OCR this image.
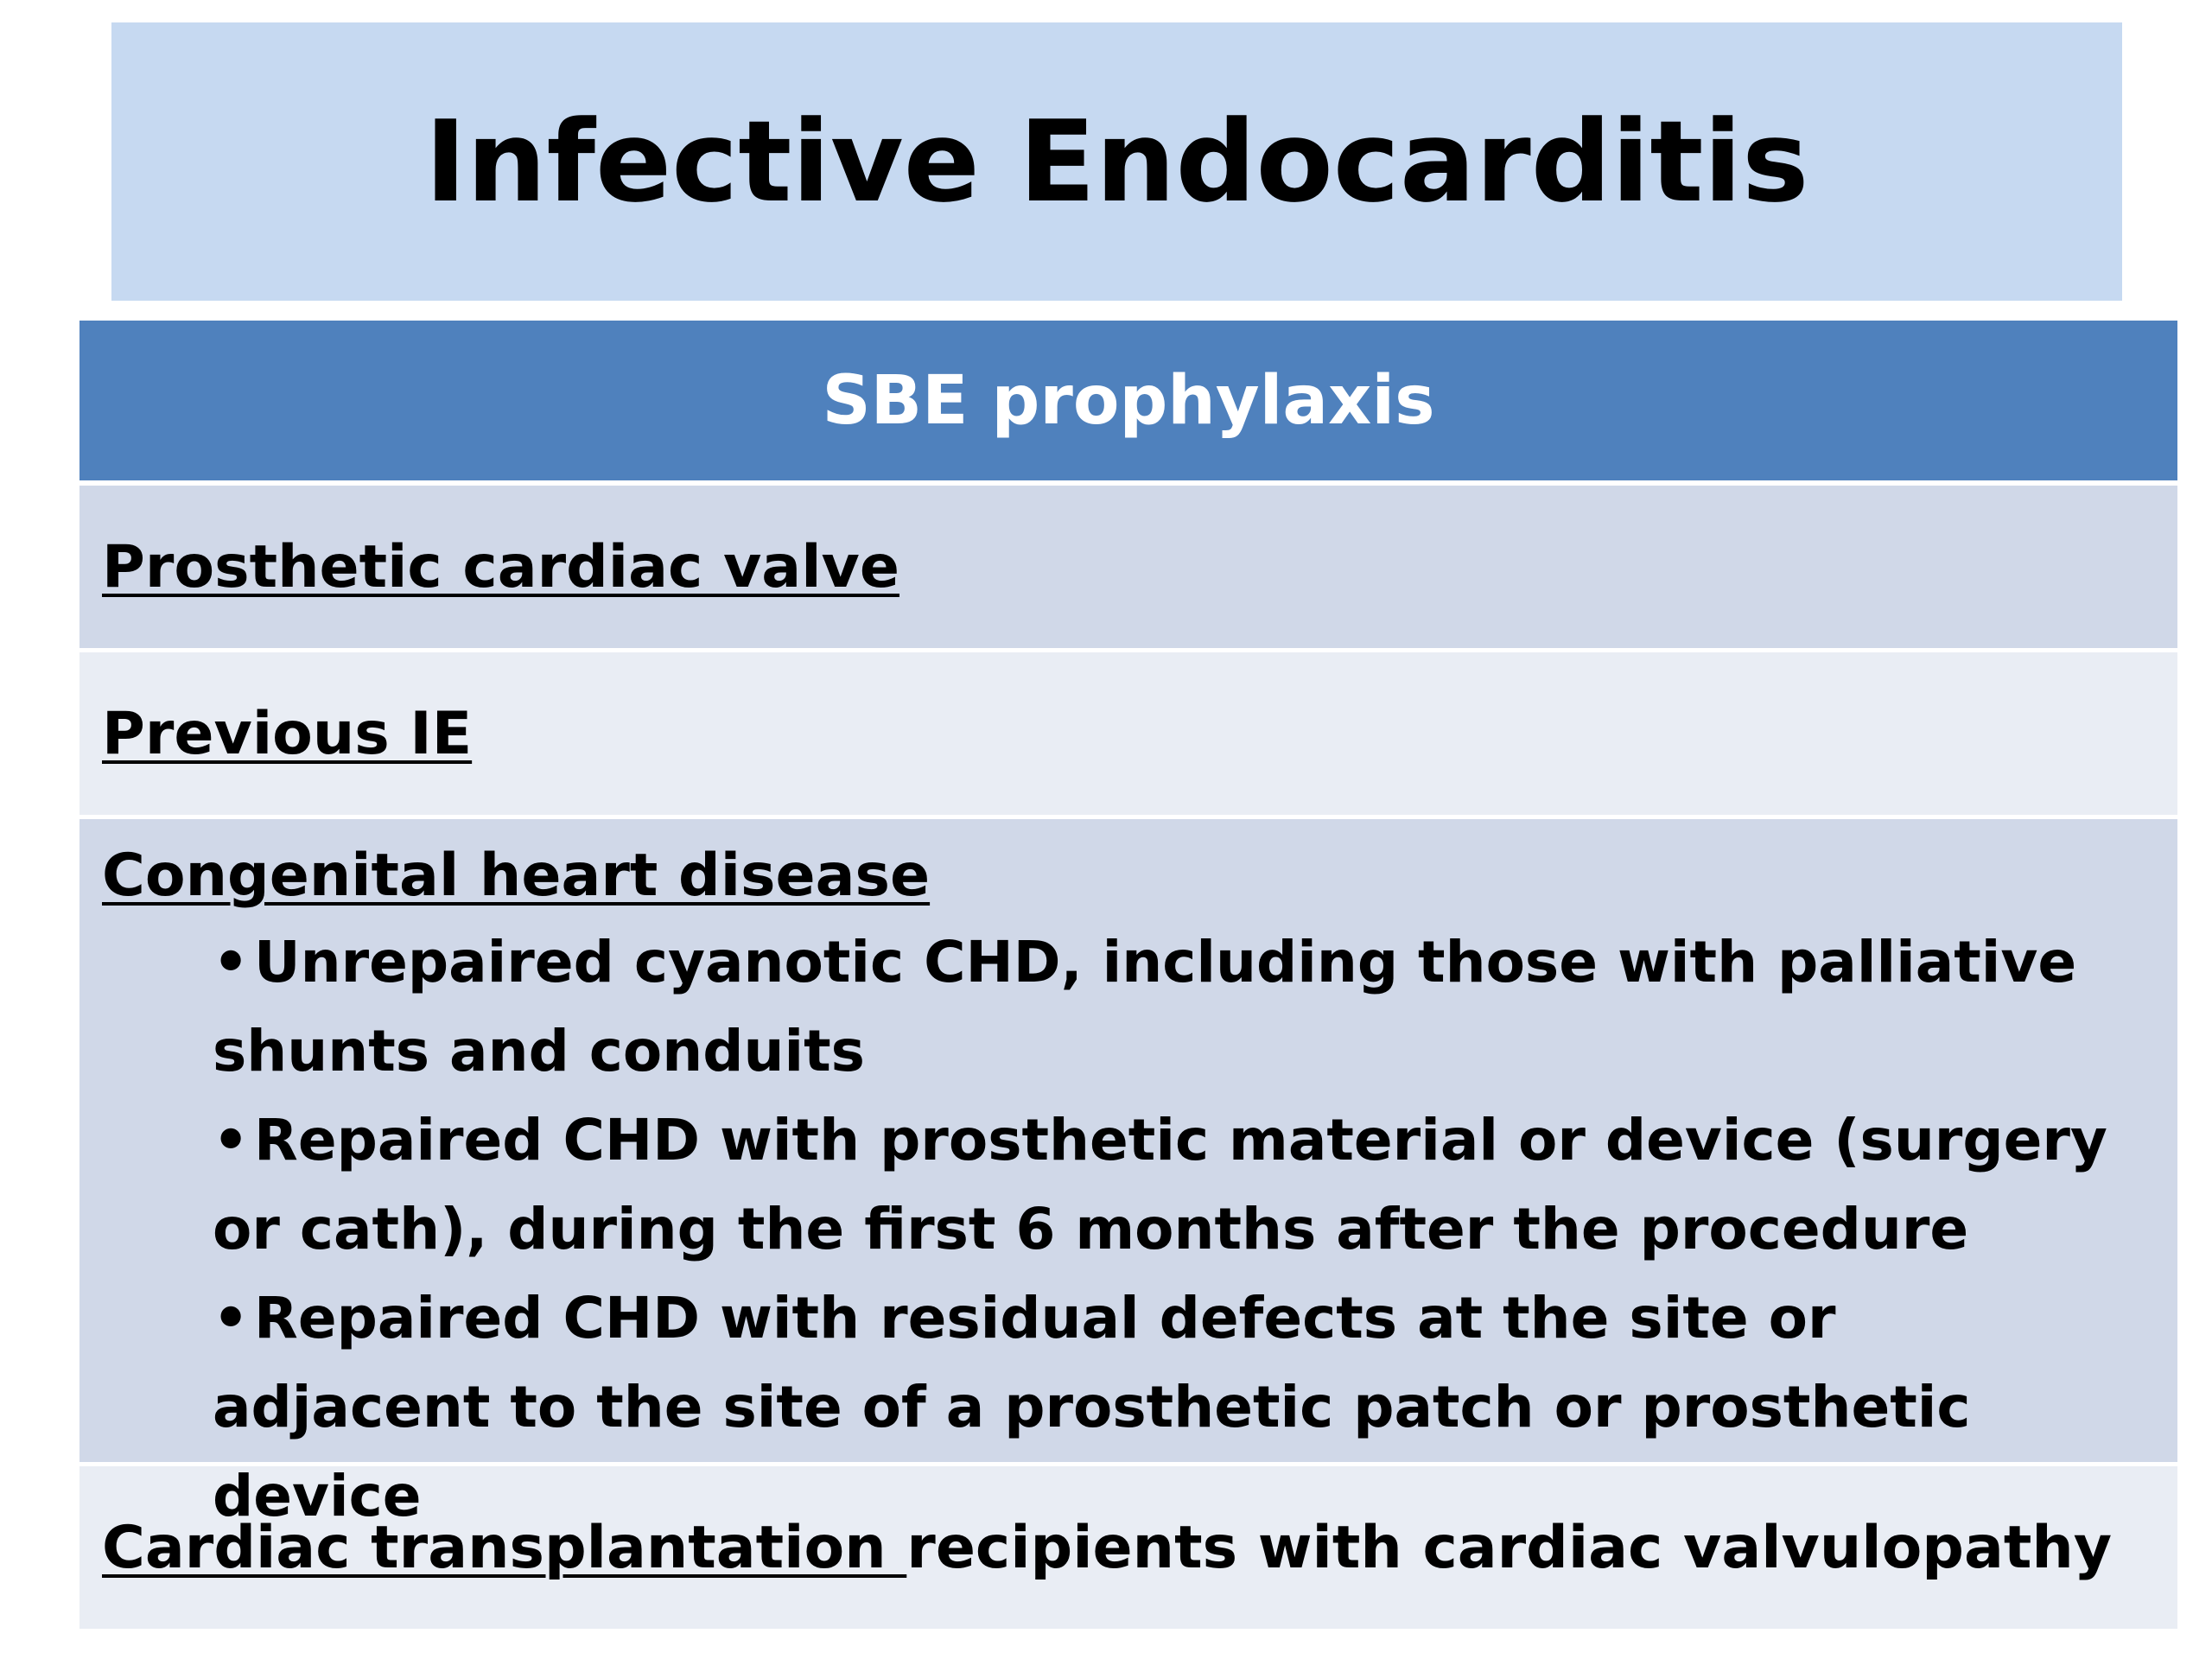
Infective Endocarditis
SBE prophylaxis
Prosthetic cardiac valve
Previous IE
Congenital heart disease
•Unrepaired cyanotic CHD, including those with palliative shunts and conduits
•Repaired CHD with prosthetic material or device (surgery or cath), during the first 6 months after the procedure
•Repaired CHD with residual defects at the site or adjacent to the site of a prosthetic patch or prosthetic device
Cardiac transplantation recipients with cardiac valvulopathy
